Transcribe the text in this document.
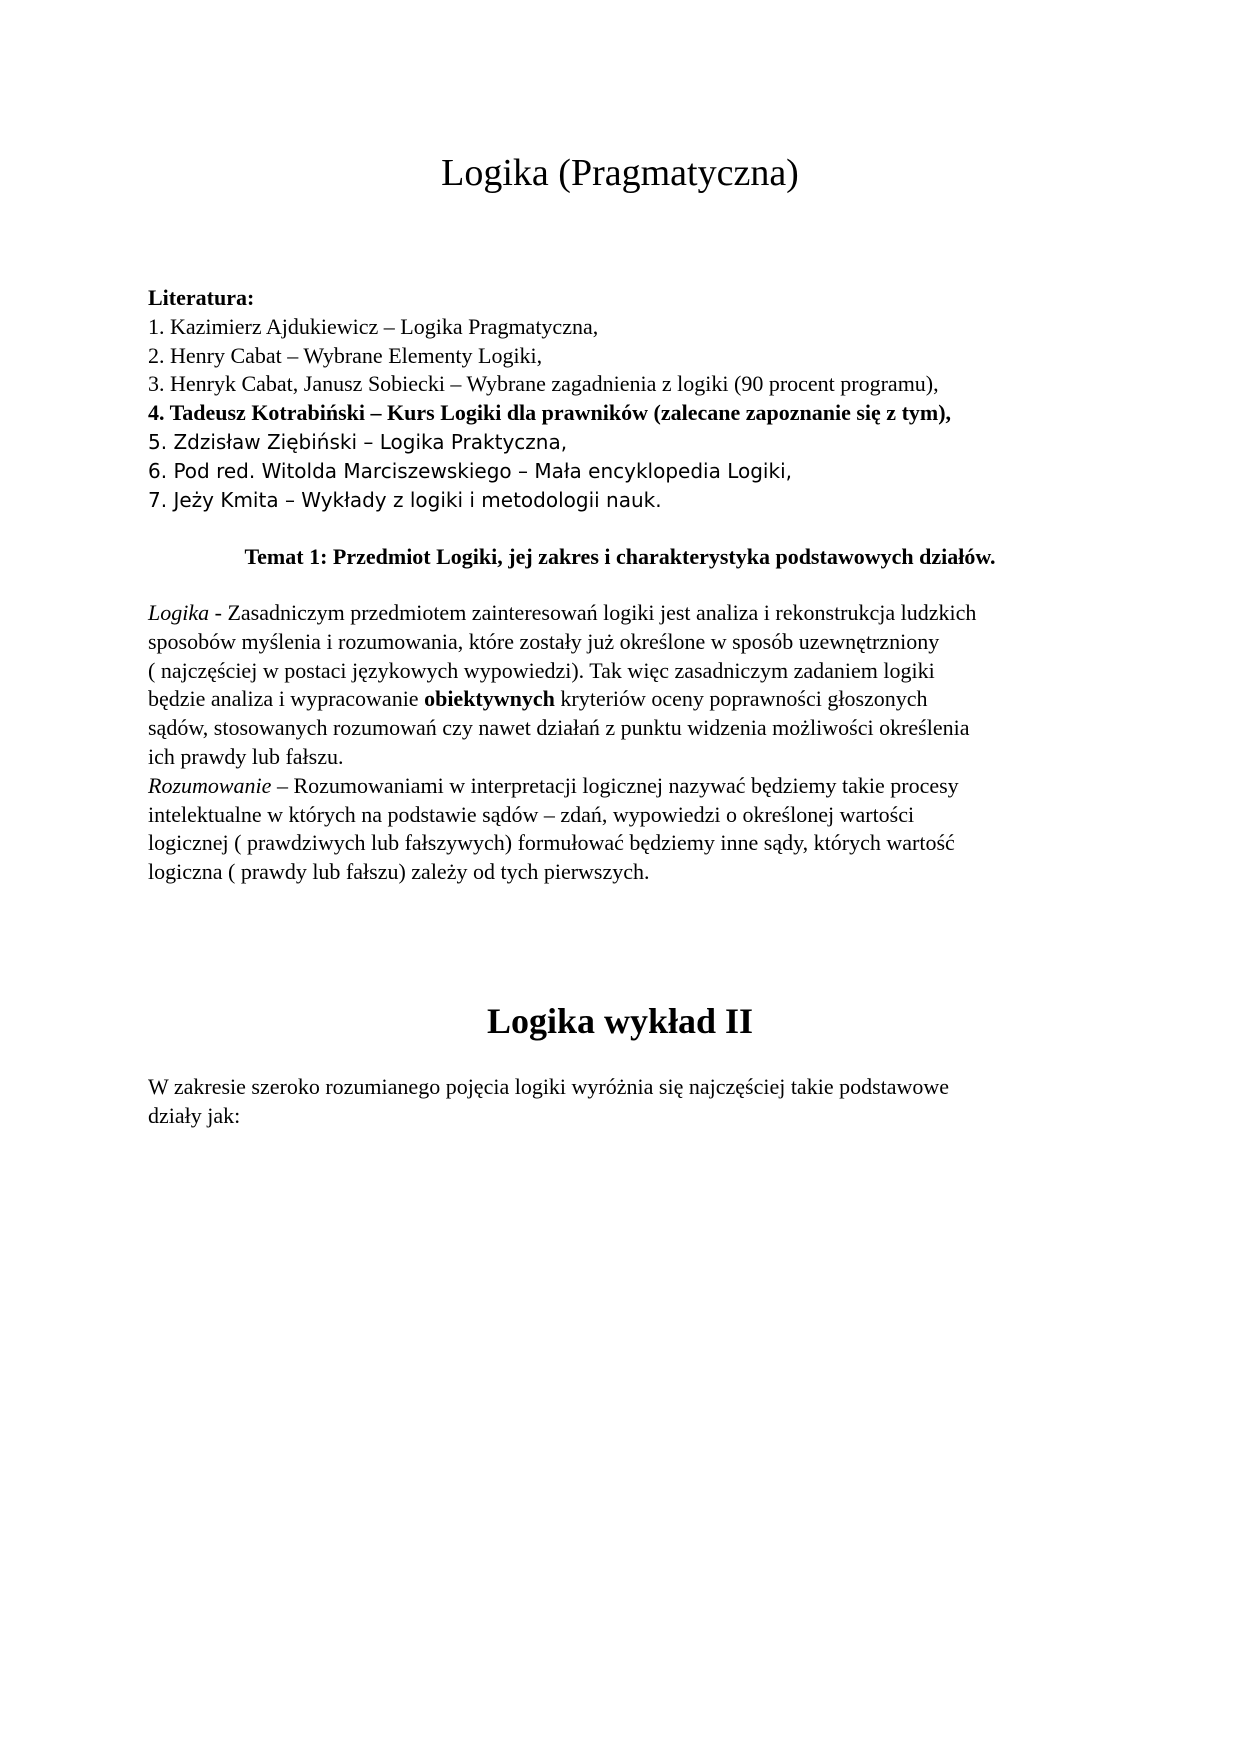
Logika (Pragmatyczna)
Literatura:
1. Kazimierz Ajdukiewicz – Logika Pragmatyczna,
2. Henry Cabat – Wybrane Elementy Logiki,
3. Henryk Cabat, Janusz Sobiecki – Wybrane zagadnienia z logiki (90 procent programu),
4. Tadeusz Kotrabiński – Kurs Logiki dla prawników (zalecane zapoznanie się z tym),
5. Zdzisław Ziębiński – Logika Praktyczna,
6. Pod red. Witolda Marciszewskiego – Mała encyklopedia Logiki,
7. Jeży Kmita – Wykłady z logiki i metodologii nauk.
Temat 1: Przedmiot Logiki, jej zakres i charakterystyka podstawowych działów.
Logika - Zasadniczym przedmiotem zainteresowań logiki jest analiza i rekonstrukcja ludzkich
sposobów myślenia i rozumowania, które zostały już określone w sposób uzewnętrzniony
( najczęściej w postaci językowych wypowiedzi). Tak więc zasadniczym zadaniem logiki
będzie analiza i wypracowanie obiektywnych kryteriów oceny poprawności głoszonych
sądów, stosowanych rozumowań czy nawet działań z punktu widzenia możliwości określenia
ich prawdy lub fałszu.
Rozumowanie – Rozumowaniami w interpretacji logicznej nazywać będziemy takie procesy
intelektualne w których na podstawie sądów – zdań, wypowiedzi o określonej wartości
logicznej ( prawdziwych lub fałszywych) formułować będziemy inne sądy, których wartość
logiczna ( prawdy lub fałszu) zależy od tych pierwszych.
Logika wykład II
W zakresie szeroko rozumianego pojęcia logiki wyróżnia się najczęściej takie podstawowe
działy jak:
